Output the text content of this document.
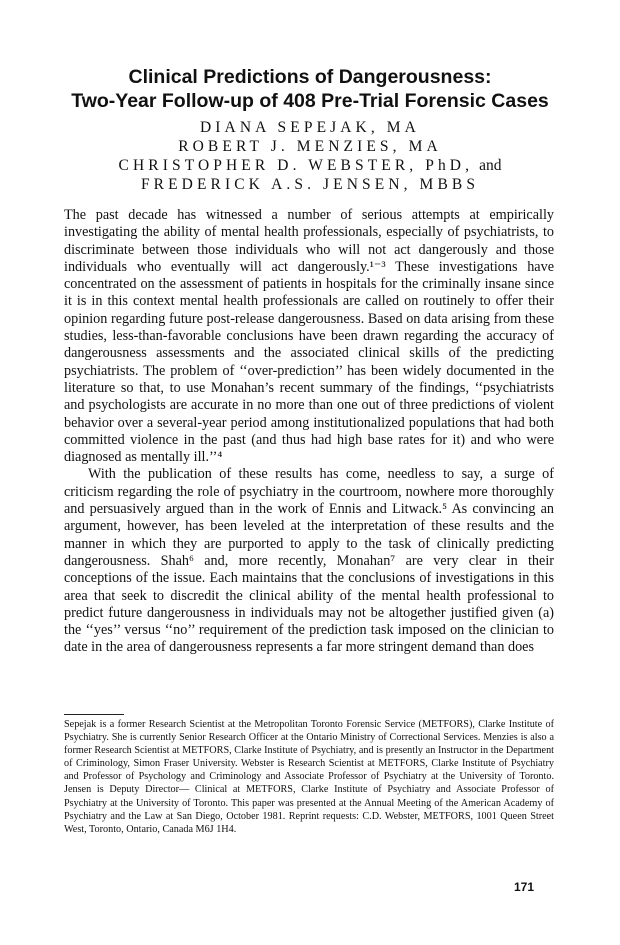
Clinical Predictions of Dangerousness:
Two-Year Follow-up of 408 Pre-Trial Forensic Cases
DIANA SEPEJAK, MA
ROBERT J. MENZIES, MA
CHRISTOPHER D. WEBSTER, PhD, and
FREDERICK A.S. JENSEN, MBBS

The past decade has witnessed a number of serious attempts at empirically investigating the ability of mental health professionals, especially of psychiatrists, to discriminate between those individuals who will not act dangerously and those individuals who eventually will act dangerously.¹⁻³ These investigations have concentrated on the assessment of patients in hospitals for the criminally insane since it is in this context mental health professionals are called on routinely to offer their opinion regarding future post-release dangerousness. Based on data arising from these studies, less-than-favorable conclusions have been drawn regarding the accuracy of dangerousness assessments and the associated clinical skills of the predicting psychiatrists. The problem of ‘‘over-prediction’’ has been widely documented in the literature so that, to use Monahan’s recent summary of the findings, ‘‘psychiatrists and psychologists are accurate in no more than one out of three predictions of violent behavior over a several-year period among institutionalized populations that had both committed violence in the past (and thus had high base rates for it) and who were diagnosed as mentally ill.’’⁴

With the publication of these results has come, needless to say, a surge of criticism regarding the role of psychiatry in the courtroom, nowhere more thoroughly and persuasively argued than in the work of Ennis and Litwack.⁵ As convincing an argument, however, has been leveled at the interpretation of these results and the manner in which they are purported to apply to the task of clinically predicting dangerousness. Shah⁶ and, more recently, Monahan⁷ are very clear in their conceptions of the issue. Each maintains that the conclusions of investigations in this area that seek to discredit the clinical ability of the mental health professional to predict future dangerousness in individuals may not be altogether justified given (a) the ‘‘yes’’ versus ‘‘no’’ requirement of the prediction task imposed on the clinician to date in the area of dangerousness represents a far more stringent demand than does

Sepejak is a former Research Scientist at the Metropolitan Toronto Forensic Service (METFORS), Clarke Institute of Psychiatry. She is currently Senior Research Officer at the Ontario Ministry of Correctional Services. Menzies is also a former Research Scientist at METFORS, Clarke Institute of Psychiatry, and is presently an Instructor in the Department of Criminology, Simon Fraser University. Webster is Research Scientist at METFORS, Clarke Institute of Psychiatry and Professor of Psychology and Criminology and Associate Professor of Psychiatry at the University of Toronto. Jensen is Deputy Director— Clinical at METFORS, Clarke Institute of Psychiatry and Associate Professor of Psychiatry at the University of Toronto. This paper was presented at the Annual Meeting of the American Academy of Psychiatry and the Law at San Diego, October 1981. Reprint requests: C.D. Webster, METFORS, 1001 Queen Street West, Toronto, Ontario, Canada M6J 1H4.

171
